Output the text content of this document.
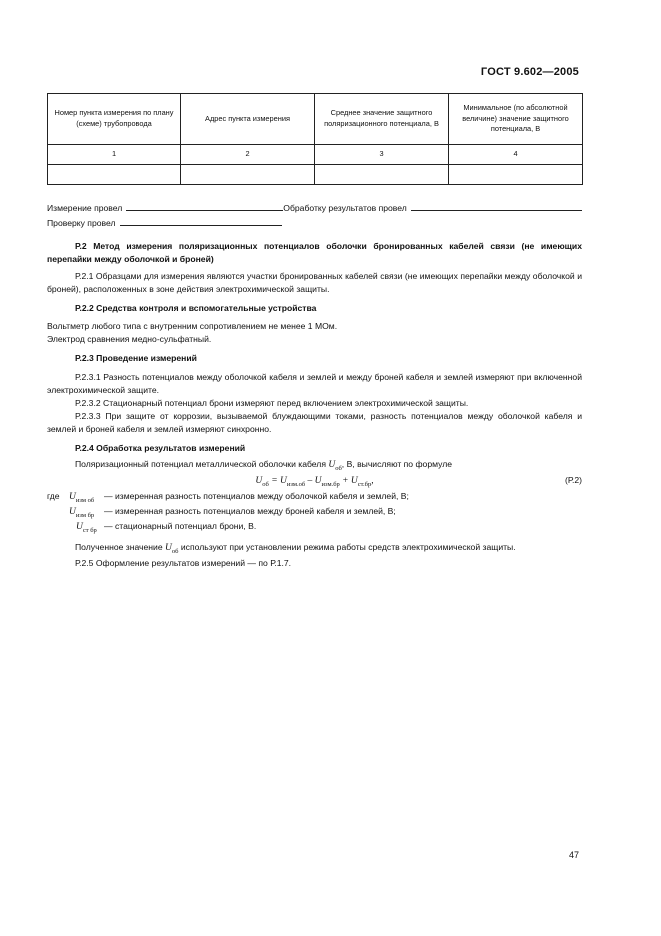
ГОСТ 9.602—2005
Номер пункта измерения по плану (схеме) трубопровода	Адрес пункта измерения	Среднее значение защитного поляризационного потенциала, В	Минимальное (по абсолютной величине) значение защитного потенциала, В
1	2	3	4

Измерение провел	Обработку результатов провел
Проверку провел

Р.2 Метод измерения поляризационных потенциалов оболочки бронированных кабелей связи (не имеющих перепайки между оболочкой и броней)

Р.2.1 Образцами для измерения являются участки бронированных кабелей связи (не имеющих перепайки между оболочкой и броней), расположенных в зоне действия электрохимической защиты.

Р.2.2 Средства контроля и вспомогательные устройства

Вольтметр любого типа с внутренним сопротивлением не менее 1 МОм.

Электрод сравнения медно-сульфатный.

Р.2.3 Проведение измерений

Р.2.3.1 Разность потенциалов между оболочкой кабеля и землей и между броней кабеля и землей измеряют при включенной электрохимической защите.

Р.2.3.2 Стационарный потенциал брони измеряют перед включением электрохимической защиты.

Р.2.3.3 При защите от коррозии, вызываемой блуждающими токами, разность потенциалов между оболочкой кабеля и землей и броней кабеля и землей измеряют синхронно.

Р.2.4 Обработка результатов измерений

Поляризационный потенциал металлической оболочки кабеля $U_{об}$, В, вычисляют по формуле

$U_{об} = U_{изм.об} - U_{изм.бр} + U_{ст.бр}$,	(Р.2)
где $U_{изм об}$ — измеренная разность потенциалов между оболочкой кабеля и землей, В;
$U_{изм бр}$ — измеренная разность потенциалов между броней кабеля и землей, В;
$U_{ст бр}$ — стационарный потенциал брони, В.

Полученное значение $U_{об}$ используют при установлении режима работы средств электрохимической защиты.

Р.2.5 Оформление результатов измерений — по Р.1.7.

47
